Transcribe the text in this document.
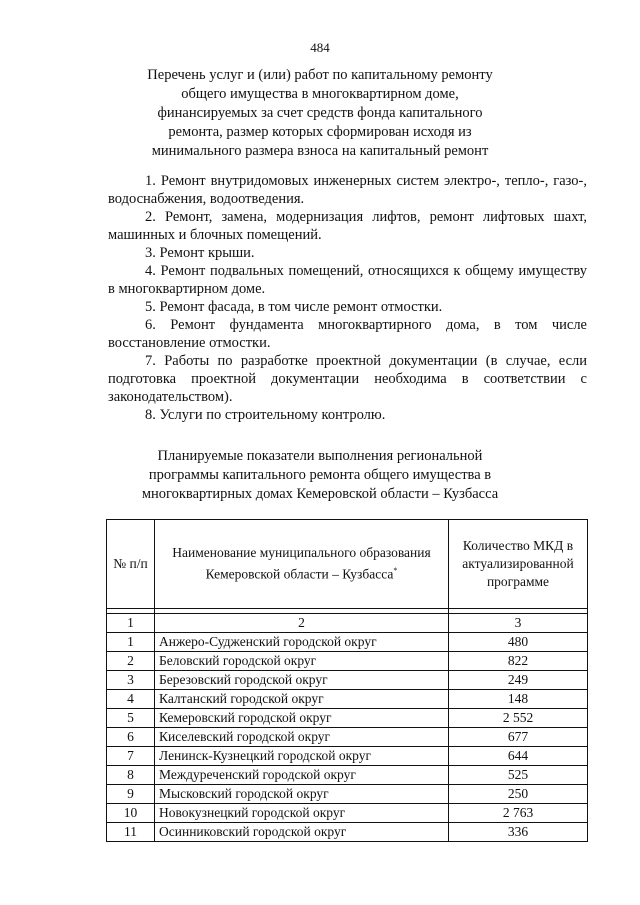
484
Перечень услуг и (или) работ по капитальному ремонту
общего имущества в многоквартирном доме,
финансируемых за счет средств фонда капитального
ремонта, размер которых сформирован исходя из
минимального размера взноса на капитальный ремонт

1. Ремонт внутридомовых инженерных систем электро-, тепло-, газо-, водоснабжения, водоотведения.

2. Ремонт, замена, модернизация лифтов, ремонт лифтовых шахт, машинных и блочных помещений.

3. Ремонт крыши.

4. Ремонт подвальных помещений, относящихся к общему имуществу в многоквартирном доме.

5. Ремонт фасада, в том числе ремонт отмостки.

6. Ремонт фундамента многоквартирного дома, в том числе восстановление отмостки.

7. Работы по разработке проектной документации (в случае, если подготовка проектной документации необходима в соответствии с законодательством).

8. Услуги по строительному контролю.

Планируемые показатели выполнения региональной
программы капитального ремонта общего имущества в
многоквартирных домах Кемеровской области – Кузбасса
№ п/п	Наименование муниципального образования Кемеровской области – Кузбасса*	Количество МКД в актуализированной программе

1	2	3
1	Анжеро-Судженский городской округ	480
2	Беловский городской округ	822
3	Березовский городской округ	249
4	Калтанский городской округ	148
5	Кемеровский городской округ	2 552
6	Киселевский городской округ	677
7	Ленинск-Кузнецкий городской округ	644
8	Междуреченский городской округ	525
9	Мысковский городской округ	250
10	Новокузнецкий городской округ	2 763
11	Осинниковский городской округ	336
